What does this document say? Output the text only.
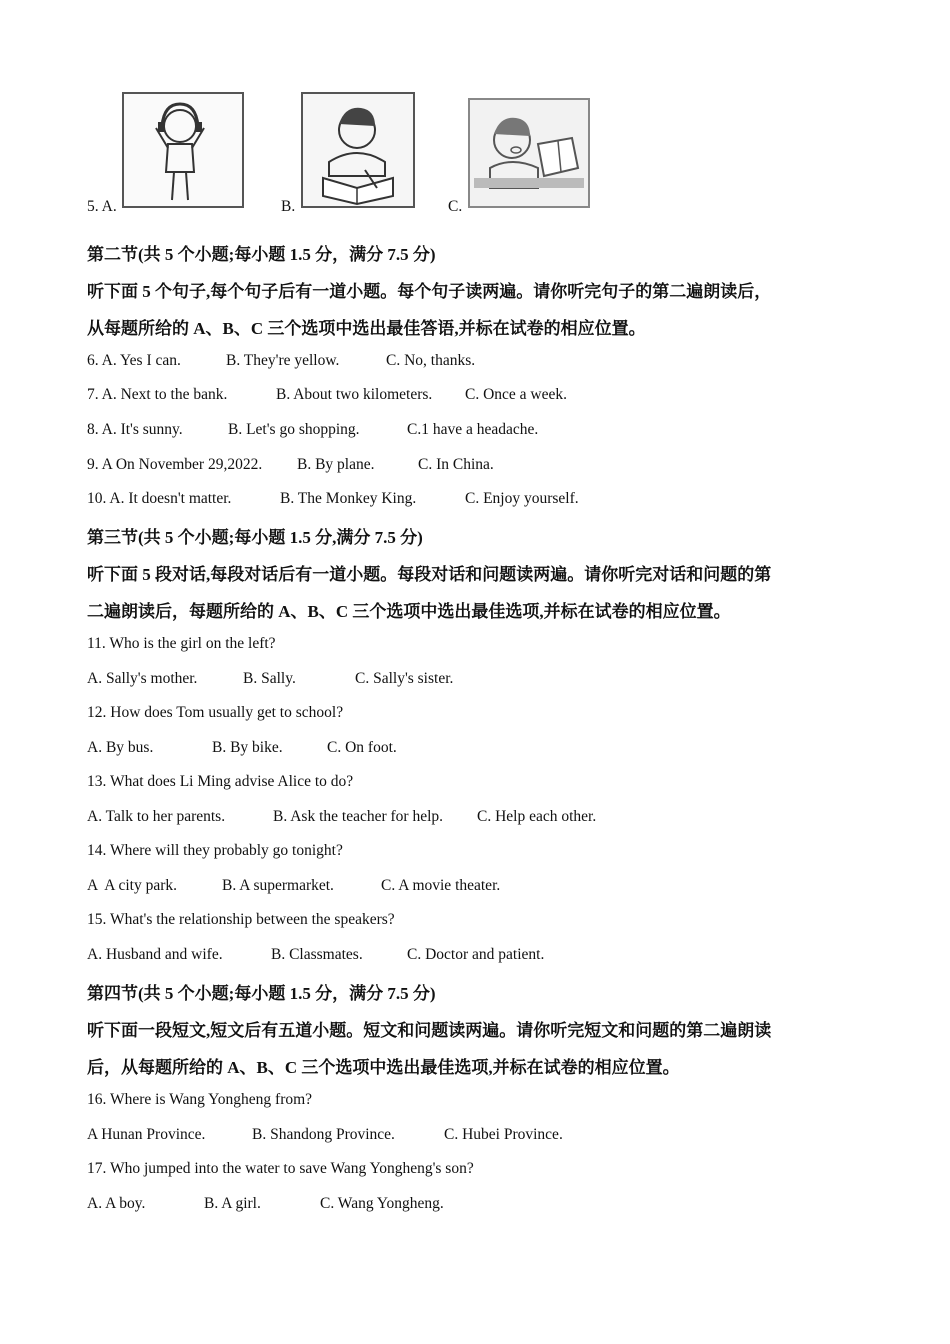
5. A.	B.	C.
第二节(共 5 个小题;每小题 1.5 分，满分 7.5 分)
听下面 5 个句子,每个句子后有一道小题。每个句子读两遍。请你听完句子的第二遍朗读后，
从每题所给的 A、B、C 三个选项中选出最佳答语,并标在试卷的相应位置。
6. A. Yes I can.	B. They're yellow.	C. No, thanks.
7. A. Next to the bank.	B. About two kilometers. C. Once a week.
8. A. It's sunny.	B. Let's go shopping.	C.1 have a headache.
9. A On November 29,2022. B. By plane.	C. In China.
10. A. It doesn't matter.	B. The Monkey King.	C. Enjoy yourself.
第三节(共 5 个小题;每小题 1.5 分,满分 7.5 分)
听下面 5 段对话,每段对话后有一道小题。每段对话和问题读两遍。请你听完对话和问题的第
二遍朗读后，每题所给的 A、B、C 三个选项中选出最佳选项,并标在试卷的相应位置。
11. Who is the girl on the left?
A. Sally's mother.	B. Sally.	C. Sally's sister.
12. How does Tom usually get to school?
A. By bus.	B. By bike.	C. On foot.
13. What does Li Ming advise Alice to do?
A. Talk to her parents.	B. Ask the teacher for help. C. Help each other.
14. Where will they probably go tonight?
A  A city park.	B. A supermarket.	C. A movie theater.
15. What's the relationship between the speakers?
A. Husband and wife.	B. Classmates.	C. Doctor and patient.
第四节(共 5 个小题;每小题 1.5 分，满分 7.5 分)
听下面一段短文,短文后有五道小题。短文和问题读两遍。请你听完短文和问题的第二遍朗读
后，从每题所给的 A、B、C 三个选项中选出最佳选项,并标在试卷的相应位置。
16. Where is Wang Yongheng from?
A Hunan Province.	B. Shandong Province.	C. Hubei Province.
17. Who jumped into the water to save Wang Yongheng's son?
A. A boy.	B. A girl.	C. Wang Yongheng.
